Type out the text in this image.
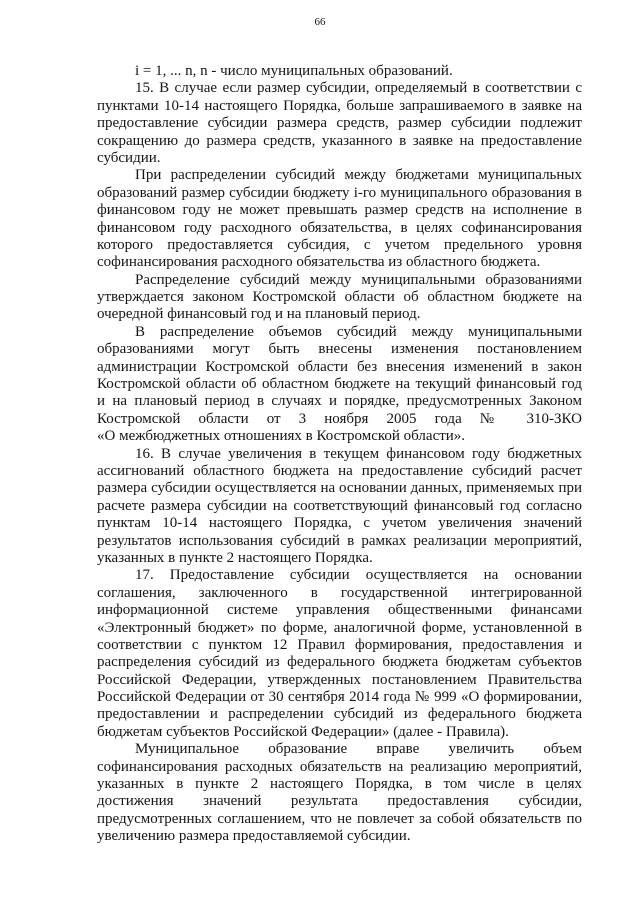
66
i = 1, ... n, n - число муниципальных образований.
15. В случае если размер субсидии, определяемый в соответствии с
пунктами 10-14 настоящего Порядка, больше запрашиваемого в заявке на
предоставление субсидии размера средств, размер субсидии подлежит
сокращению до размера средств, указанного в заявке на предоставление
субсидии.
При распределении субсидий между бюджетами муниципальных
образований размер субсидии бюджету i-го муниципального образования в
финансовом году не может превышать размер средств на исполнение в
финансовом году расходного обязательства, в целях софинансирования
которого предоставляется субсидия, с учетом предельного уровня
софинансирования расходного обязательства из областного бюджета.
Распределение субсидий между муниципальными образованиями
утверждается законом Костромской области об областном бюджете на
очередной финансовый год и на плановый период.
В распределение объемов субсидий между муниципальными
образованиями могут быть внесены изменения постановлением
администрации Костромской области без внесения изменений в закон
Костромской области об областном бюджете на текущий финансовый год
и на плановый период в случаях и порядке, предусмотренных Законом
Костромской области от 3 ноября 2005 года № 310-ЗКО
«О межбюджетных отношениях в Костромской области».
16. В случае увеличения в текущем финансовом году бюджетных
ассигнований областного бюджета на предоставление субсидий расчет
размера субсидии осуществляется на основании данных, применяемых при
расчете размера субсидии на соответствующий финансовый год согласно
пунктам 10-14 настоящего Порядка, с учетом увеличения значений
результатов использования субсидий в рамках реализации мероприятий,
указанных в пункте 2 настоящего Порядка.
17. Предоставление субсидии осуществляется на основании
соглашения, заключенного в государственной интегрированной
информационной системе управления общественными финансами
«Электронный бюджет» по форме, аналогичной форме, установленной в
соответствии с пунктом 12 Правил формирования, предоставления и
распределения субсидий из федерального бюджета бюджетам субъектов
Российской Федерации, утвержденных постановлением Правительства
Российской Федерации от 30 сентября 2014 года № 999 «О формировании,
предоставлении и распределении субсидий из федерального бюджета
бюджетам субъектов Российской Федерации» (далее - Правила).
Муниципальное образование вправе увеличить объем
софинансирования расходных обязательств на реализацию мероприятий,
указанных в пункте 2 настоящего Порядка, в том числе в целях
достижения значений результата предоставления субсидии,
предусмотренных соглашением, что не повлечет за собой обязательств по
увеличению размера предоставляемой субсидии.
